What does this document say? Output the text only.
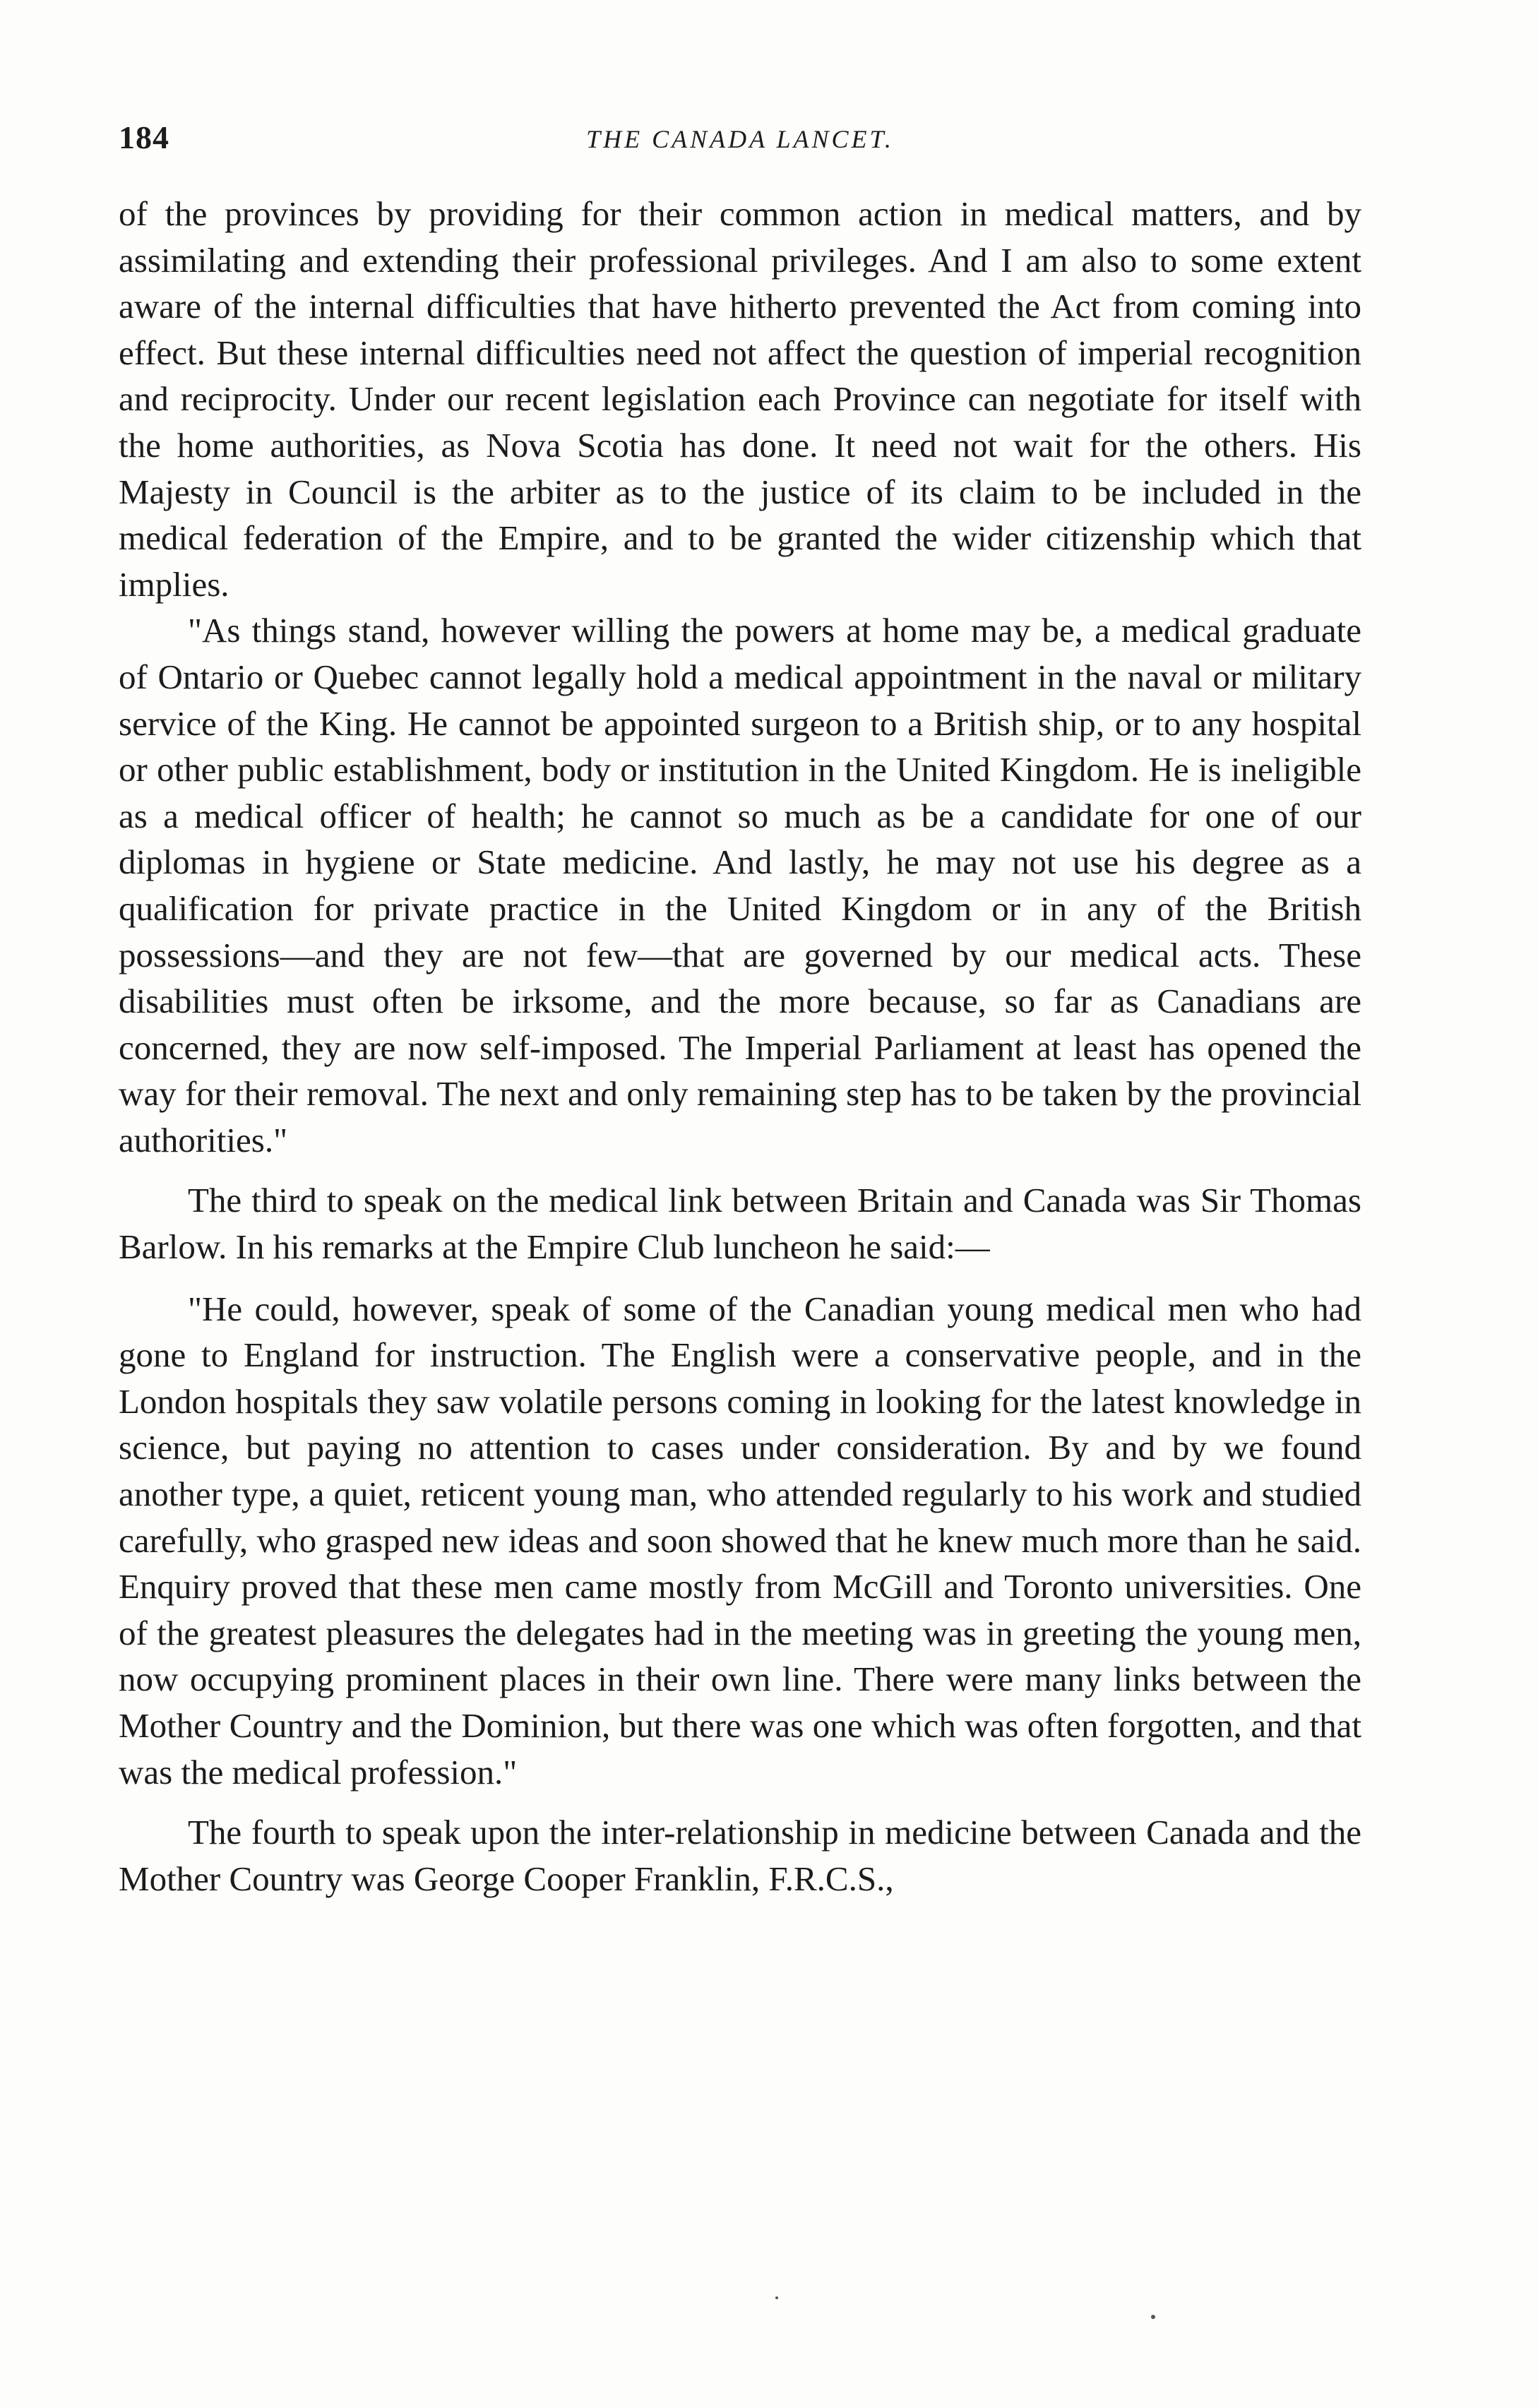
184	THE CANADA LANCET.

of the provinces by providing for their common action in medical matters, and by assimilating and extending their professional privileges. And I am also to some extent aware of the internal difficulties that have hitherto prevented the Act from coming into effect. But these internal difficulties need not affect the question of imperial recognition and reciprocity. Under our recent legislation each Province can negotiate for itself with the home authorities, as Nova Scotia has done. It need not wait for the others. His Majesty in Council is the arbiter as to the justice of its claim to be included in the medical federation of the Empire, and to be granted the wider citizenship which that implies.

"As things stand, however willing the powers at home may be, a medical graduate of Ontario or Quebec cannot legally hold a medical appointment in the naval or military service of the King. He cannot be appointed surgeon to a British ship, or to any hospital or other public establishment, body or institution in the United Kingdom. He is ineligible as a medical officer of health; he cannot so much as be a candidate for one of our diplomas in hygiene or State medicine. And lastly, he may not use his degree as a qualification for private practice in the United Kingdom or in any of the British possessions—and they are not few—that are governed by our medical acts. These disabilities must often be irksome, and the more because, so far as Canadians are concerned, they are now self-imposed. The Imperial Parliament at least has opened the way for their removal. The next and only remaining step has to be taken by the provincial authorities."

The third to speak on the medical link between Britain and Canada was Sir Thomas Barlow. In his remarks at the Empire Club luncheon he said:—

"He could, however, speak of some of the Canadian young medical men who had gone to England for instruction. The English were a conservative people, and in the London hospitals they saw volatile persons coming in looking for the latest knowledge in science, but paying no attention to cases under consideration. By and by we found another type, a quiet, reticent young man, who attended regularly to his work and studied carefully, who grasped new ideas and soon showed that he knew much more than he said. Enquiry proved that these men came mostly from McGill and Toronto universities. One of the greatest pleasures the delegates had in the meeting was in greeting the young men, now occupying prominent places in their own line. There were many links between the Mother Country and the Dominion, but there was one which was often forgotten, and that was the medical profession."

The fourth to speak upon the inter-relationship in medicine between Canada and the Mother Country was George Cooper Franklin, F.R.C.S.,
